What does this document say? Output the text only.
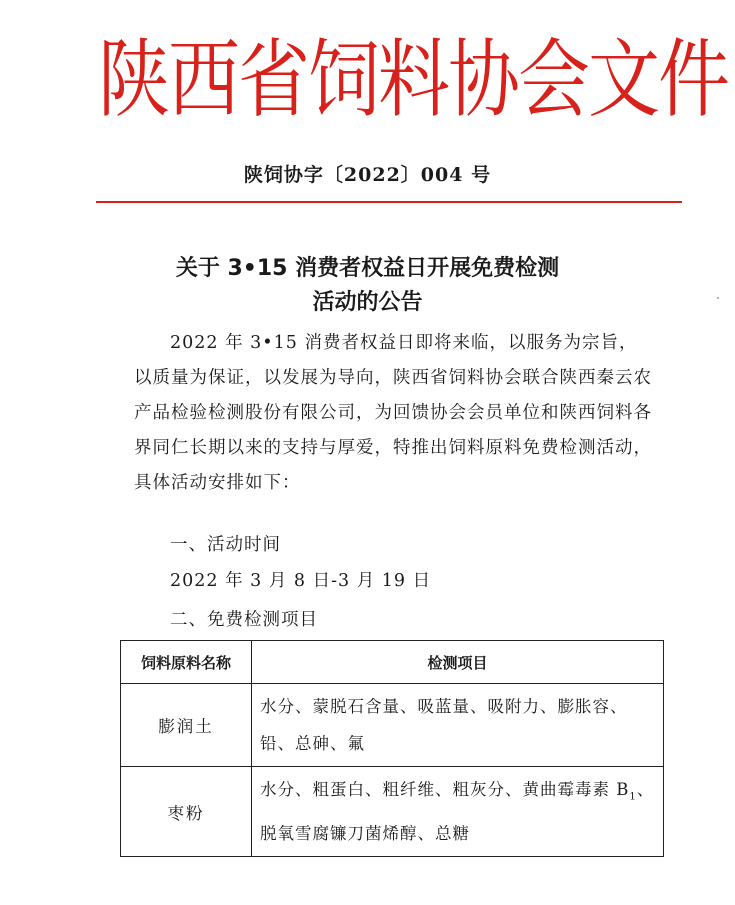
陕西省饲料协会文件
陕饲协字〔2022〕004 号
关于 3•15 消费者权益日开展免费检测
活动的公告
2022 年 3•15 消费者权益日即将来临，以服务为宗旨，以质量为保证，以发展为导向，陕西省饲料协会联合陕西秦云农产品检验检测股份有限公司，为回馈协会会员单位和陕西饲料各界同仁长期以来的支持与厚爱，特推出饲料原料免费检测活动，具体活动安排如下：
一、活动时间
2022 年 3 月 8 日-3 月 19 日
二、免费检测项目
饲料原料名称	检测项目
膨润土	水分、蒙脱石含量、吸蓝量、吸附力、膨胀容、铅、总砷、氟
枣粉	水分、粗蛋白、粗纤维、粗灰分、黄曲霉毒素 $B_1$、脱氧雪腐镰刀菌烯醇、总糖
